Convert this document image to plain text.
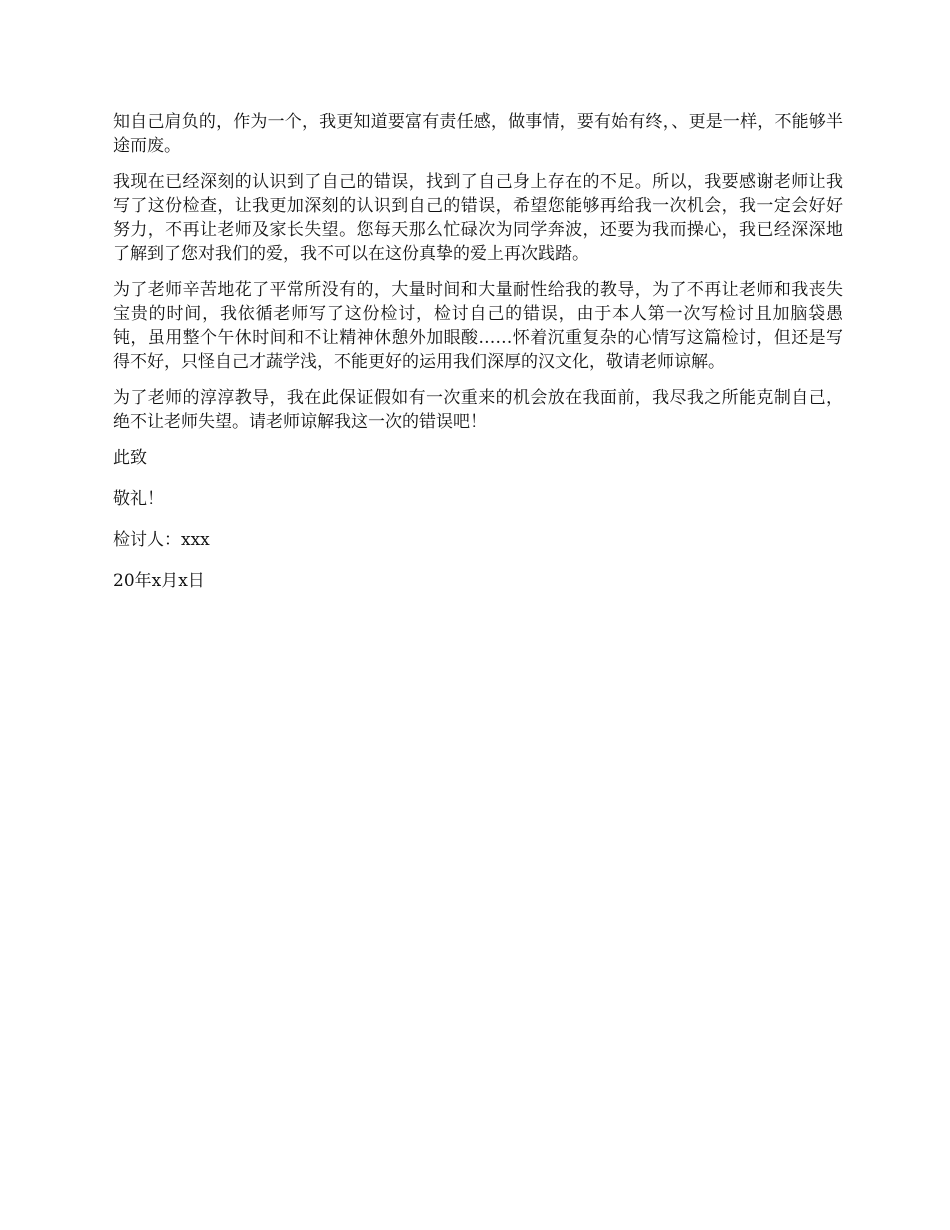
知自己肩负的，作为一个，我更知道要富有责任感，做事情，要有始有终，、更是一样，不能够半途而废。

我现在已经深刻的认识到了自己的错误，找到了自己身上存在的不足。所以，我要感谢老师让我写了这份检查，让我更加深刻的认识到自己的错误，希望您能够再给我一次机会，我一定会好好努力，不再让老师及家长失望。您每天那么忙碌次为同学奔波，还要为我而操心，我已经深深地了解到了您对我们的爱，我不可以在这份真挚的爱上再次践踏。

为了老师辛苦地花了平常所没有的，大量时间和大量耐性给我的教导，为了不再让老师和我丧失宝贵的时间，我依循老师写了这份检讨，检讨自己的错误，由于本人第一次写检讨且加脑袋愚钝，虽用整个午休时间和不让精神休憩外加眼酸……怀着沉重复杂的心情写这篇检讨，但还是写得不好，只怪自己才蔬学浅，不能更好的运用我们深厚的汉文化，敬请老师谅解。

为了老师的淳淳教导，我在此保证假如有一次重来的机会放在我面前，我尽我之所能克制自己，绝不让老师失望。请老师谅解我这一次的错误吧！

此致

敬礼！

检讨人：xxx

20年x月x日
